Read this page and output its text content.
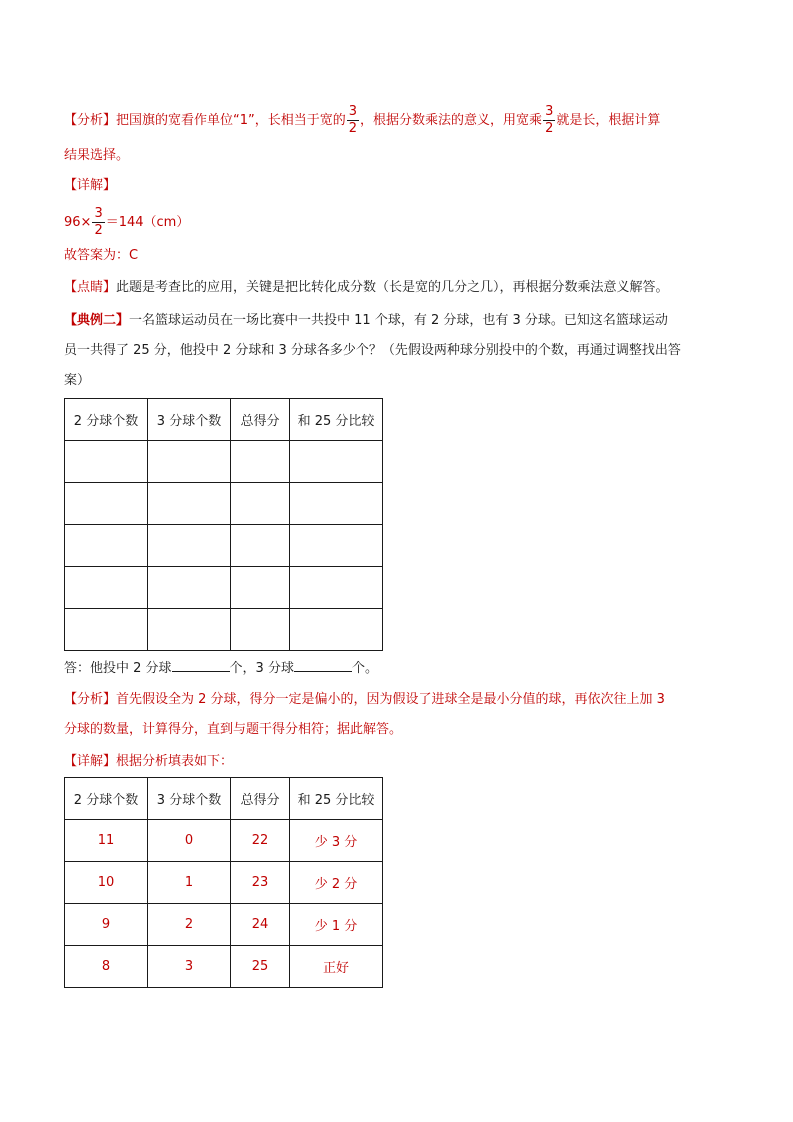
【分析】把国旗的宽看作单位“1”，长相当于宽的 $\frac{3}{2}$ ，根据分数乘法的意义，用宽乘 $\frac{3}{2}$ 就是长，根据计算
结果选择。
【详解】
$96\times \frac{3}{2} =144(cm)$
故答案为：C
【点睛】此题是考查比的应用，关键是把比转化成分数（长是宽的几分之几），再根据分数乘法意义解答。
【典例二】一名篮球运动员在一场比赛中一共投中 11 个球，有 2 分球，也有 3 分球。已知这名篮球运动
员一共得了 25 分，他投中 2 分球和 3 分球各多少个？（先假设两种球分别投中的个数，再通过调整找出答
案）
2 分球个数	3 分球个数	总得分	和 25 分比较

答：他投中 2 分球	个，3 分球	个。
【分析】首先假设全为 2 分球，得分一定是偏小的，因为假设了进球全是最小分值的球，再依次往上加 3
分球的数量，计算得分，直到与题干得分相符；据此解答。
【详解】根据分析填表如下：
2 分球个数	3 分球个数	总得分	和 25 分比较
11	0	22	少 3 分
10	1	23	少 2 分
9	2	24	少 1 分
8	3	25	正好
